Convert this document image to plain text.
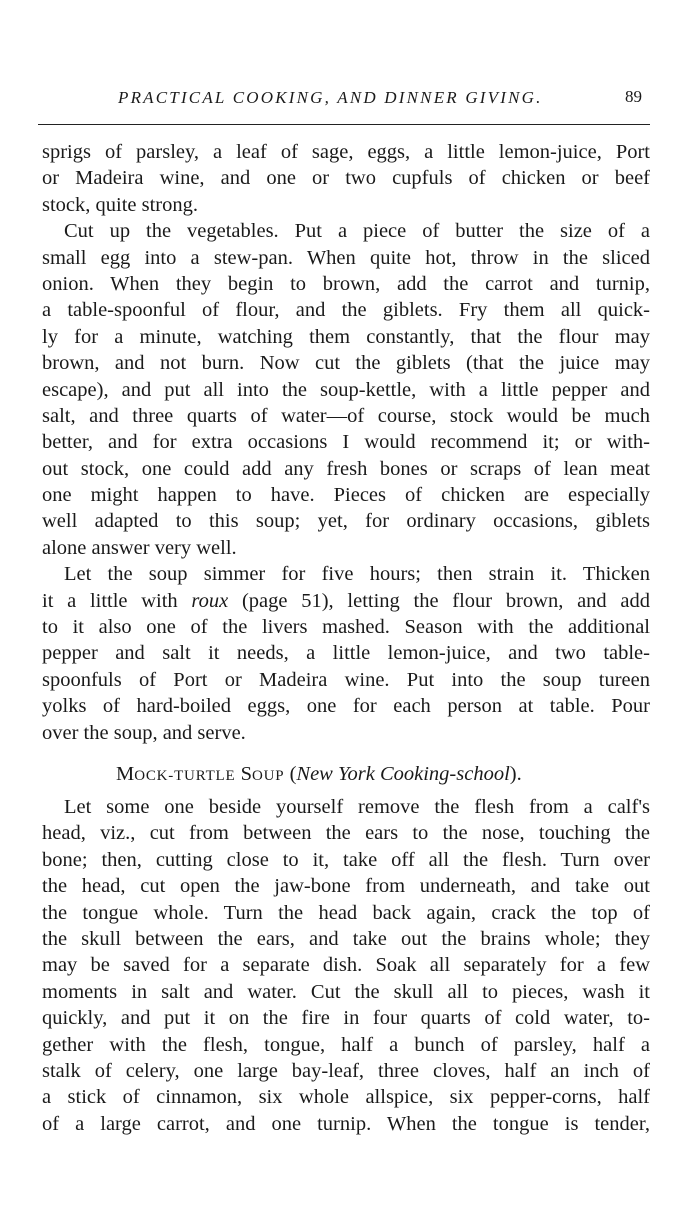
PRACTICAL COOKING, AND DINNER GIVING.	89
sprigs of parsley, a leaf of sage, eggs, a little lemon-juice, Port
or Madeira wine, and one or two cupfuls of chicken or beef
stock, quite strong.
Cut up the vegetables. Put a piece of butter the size of a
small egg into a stew-pan. When quite hot, throw in the sliced
onion. When they begin to brown, add the carrot and turnip,
a table-spoonful of flour, and the giblets. Fry them all quick-
ly for a minute, watching them constantly, that the flour may
brown, and not burn. Now cut the giblets (that the juice may
escape), and put all into the soup-kettle, with a little pepper and
salt, and three quarts of water—of course, stock would be much
better, and for extra occasions I would recommend it; or with-
out stock, one could add any fresh bones or scraps of lean meat
one might happen to have. Pieces of chicken are especially
well adapted to this soup; yet, for ordinary occasions, giblets
alone answer very well.
Let the soup simmer for five hours; then strain it. Thicken
it a little with roux (page 51), letting the flour brown, and add
to it also one of the livers mashed. Season with the additional
pepper and salt it needs, a little lemon-juice, and two table-
spoonfuls of Port or Madeira wine. Put into the soup tureen
yolks of hard-boiled eggs, one for each person at table. Pour
over the soup, and serve.
MOCK-TURTLE SOUP (New York Cooking-school).
Let some one beside yourself remove the flesh from a calf's
head, viz., cut from between the ears to the nose, touching the
bone; then, cutting close to it, take off all the flesh. Turn over
the head, cut open the jaw-bone from underneath, and take out
the tongue whole. Turn the head back again, crack the top of
the skull between the ears, and take out the brains whole; they
may be saved for a separate dish. Soak all separately for a few
moments in salt and water. Cut the skull all to pieces, wash it
quickly, and put it on the fire in four quarts of cold water, to-
gether with the flesh, tongue, half a bunch of parsley, half a
stalk of celery, one large bay-leaf, three cloves, half an inch of
a stick of cinnamon, six whole allspice, six pepper-corns, half
of a large carrot, and one turnip. When the tongue is tender,
